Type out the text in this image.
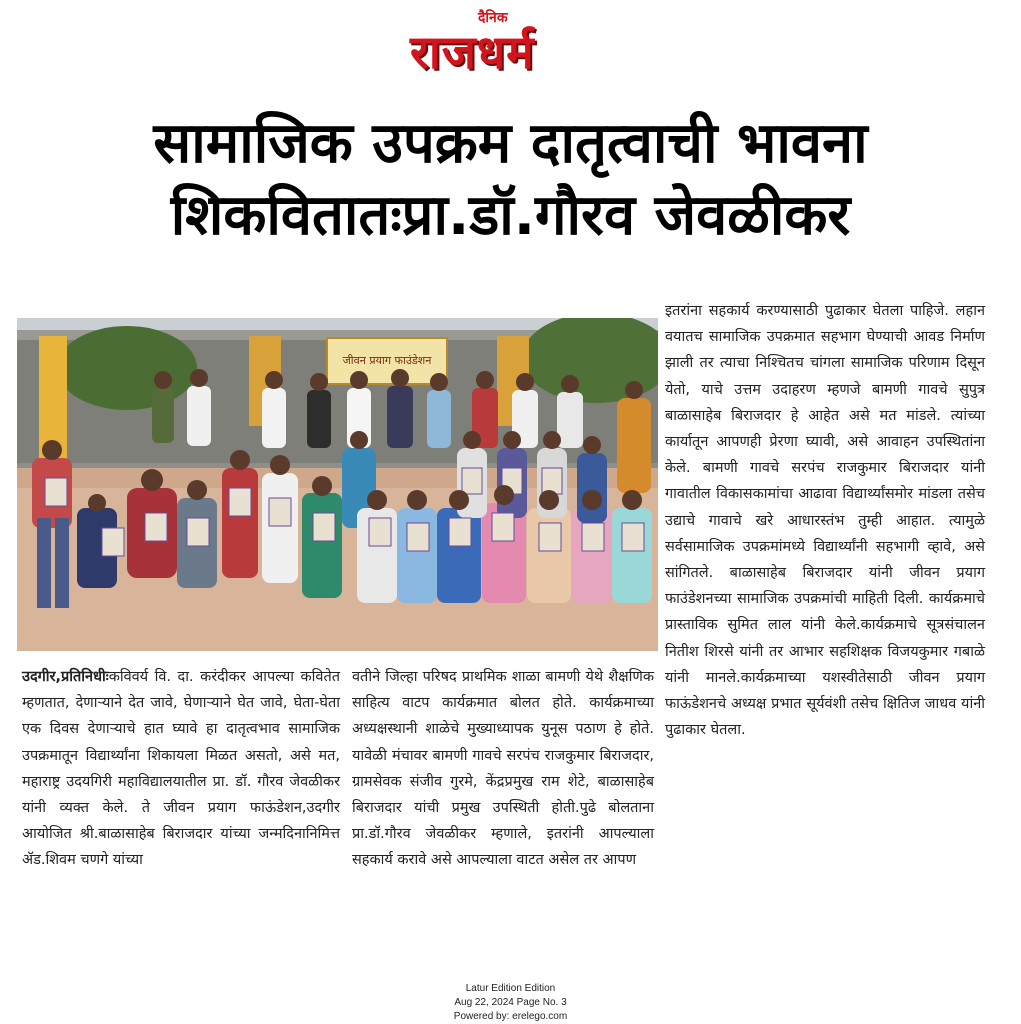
दैनिक
राजधर्म

सामाजिक उपक्रम दातृत्वाची भावना

शिकवितातःप्रा.डॉ.गौरव जेवळीकर

जीवन प्रयाग फाउंडेशन

उदगीर,प्रतिनिधीःकविवर्य वि. दा. करंदीकर आपल्या कवितेत म्हणतात, देणाऱ्याने देत जावे, घेणाऱ्याने घेत जावे, घेता-घेता एक दिवस देणाऱ्याचे हात घ्यावे हा दातृत्वभाव सामाजिक उपक्रमातून विद्यार्थ्यांना शिकायला मिळत असतो, असे मत, महाराष्ट्र उदयगिरी महाविद्यालयातील प्रा. डॉ. गौरव जेवळीकर यांनी व्यक्त केले. ते जीवन प्रयाग फाऊंडेशन,उदगीर आयोजित श्री.बाळासाहेब बिराजदार यांच्या जन्मदिनानिमित्त ॲड.शिवम चणगे यांच्या

वतीने जिल्हा परिषद प्राथमिक शाळा बामणी येथे शैक्षणिक साहित्य वाटप कार्यक्रमात बोलत होते. कार्यक्रमाच्या अध्यक्षस्थानी शाळेचे मुख्याध्यापक युनूस पठाण हे होते. यावेळी मंचावर बामणी गावचे सरपंच राजकुमार बिराजदार, ग्रामसेवक संजीव गुरमे, केंद्रप्रमुख राम शेटे, बाळासाहेब बिराजदार यांची प्रमुख उपस्थिती होती.पुढे बोलताना प्रा.डॉ.गौरव जेवळीकर म्हणाले, इतरांनी आपल्याला सहकार्य करावे असे आपल्याला वाटत असेल तर आपण

इतरांना सहकार्य करण्यासाठी पुढाकार घेतला पाहिजे. लहान वयातच सामाजिक उपक्रमात सहभाग घेण्याची आवड निर्माण झाली तर त्याचा निश्चितच चांगला सामाजिक परिणाम दिसून येतो, याचे उत्तम उदाहरण म्हणजे बामणी गावचे सुपुत्र बाळासाहेब बिराजदार हे आहेत असे मत मांडले. त्यांच्या कार्यातून आपणही प्रेरणा घ्यावी, असे आवाहन उपस्थितांना केले. बामणी गावचे सरपंच राजकुमार बिराजदार यांनी गावातील विकासकामांचा आढावा विद्यार्थ्यांसमोर मांडला तसेच उद्याचे गावाचे खरे आधारस्तंभ तुम्ही आहात. त्यामुळे सर्वसामाजिक उपक्रमांमध्ये विद्यार्थ्यांनी सहभागी व्हावे, असे सांगितले. बाळासाहेब बिराजदार यांनी जीवन प्रयाग फाउंडेशनच्या सामाजिक उपक्रमांची माहिती दिली. कार्यक्रमाचे प्रास्ताविक सुमित लाल यांनी केले.कार्यक्रमाचे सूत्रसंचालन नितीश शिरसे यांनी तर आभार सहशिक्षक विजयकुमार गबाळे यांनी मानले.कार्यक्रमाच्या यशस्वीतेसाठी जीवन प्रयाग फाऊंडेशनचे अध्यक्ष प्रभात सूर्यवंशी तसेच क्षितिज जाधव यांनी पुढाकार घेतला.

Latur Edition Edition
Aug 22, 2024 Page No. 3
Powered by: erelego.com
